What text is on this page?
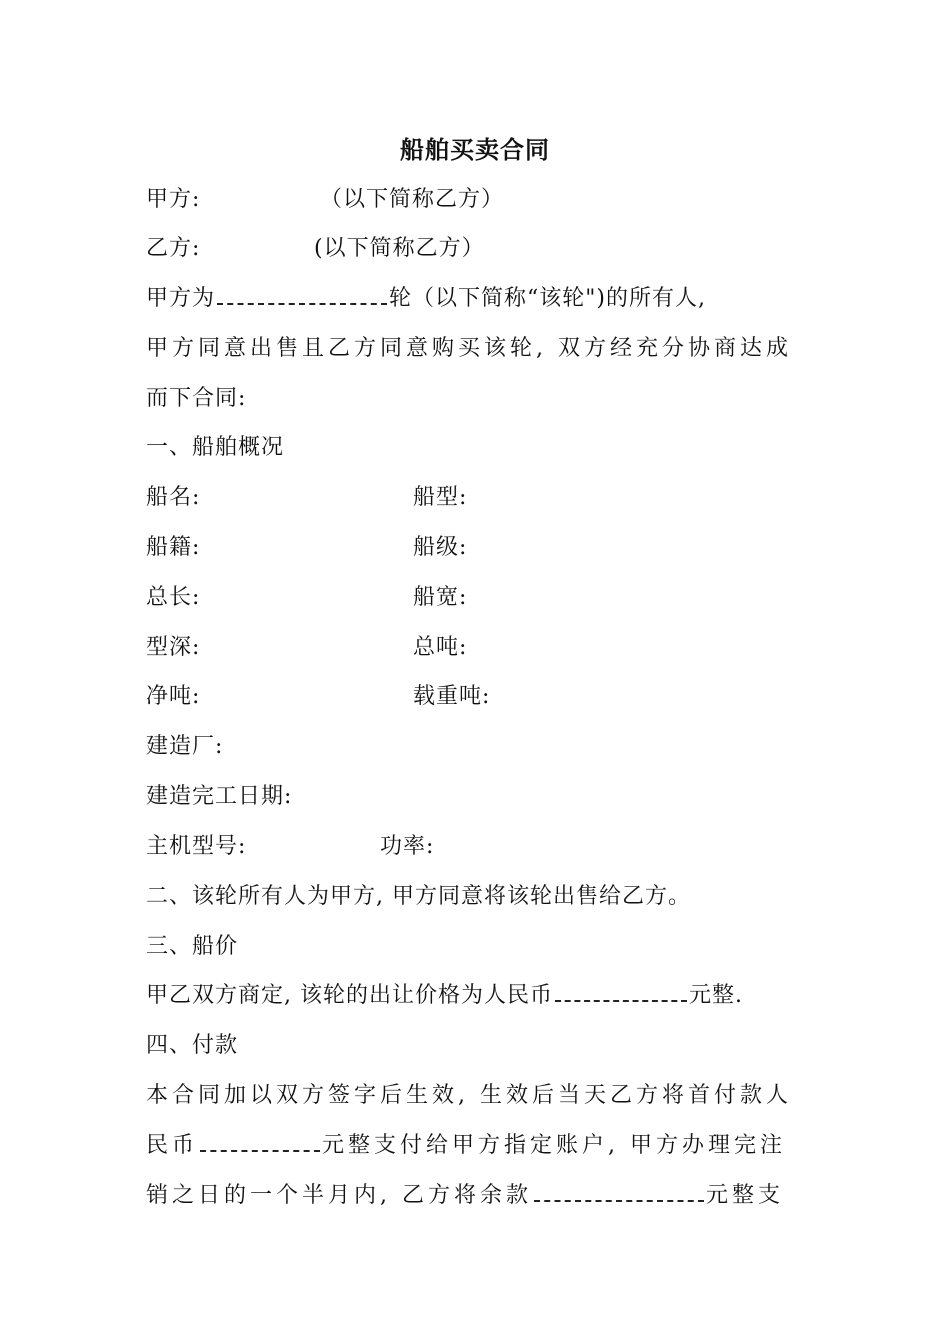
船舶买卖合同
甲方:	（以下简称乙方）
乙方:	(以下简称乙方）
甲方为	轮（以下简称“该轮")的所有人,
甲方同意出售且乙方同意购买该轮, 双方经充分协商达成
而下合同:
一、船舶概况
船名:	船型:
船籍:	船级:
总长:	船宽:
型深:	总吨:
净吨:	载重吨:
建造厂:
建造完工日期:
主机型号:	功率:
二、该轮所有人为甲方, 甲方同意将该轮出售给乙方。
三、船价
甲乙双方商定, 该轮的出让价格为人民币	元整.
四、付款
本合同加以双方签字后生效, 生效后当天乙方将首付款人
民币	元整支付给甲方指定账户, 甲方办理完注
销之日的一个半月内, 乙方将余款	元整支
